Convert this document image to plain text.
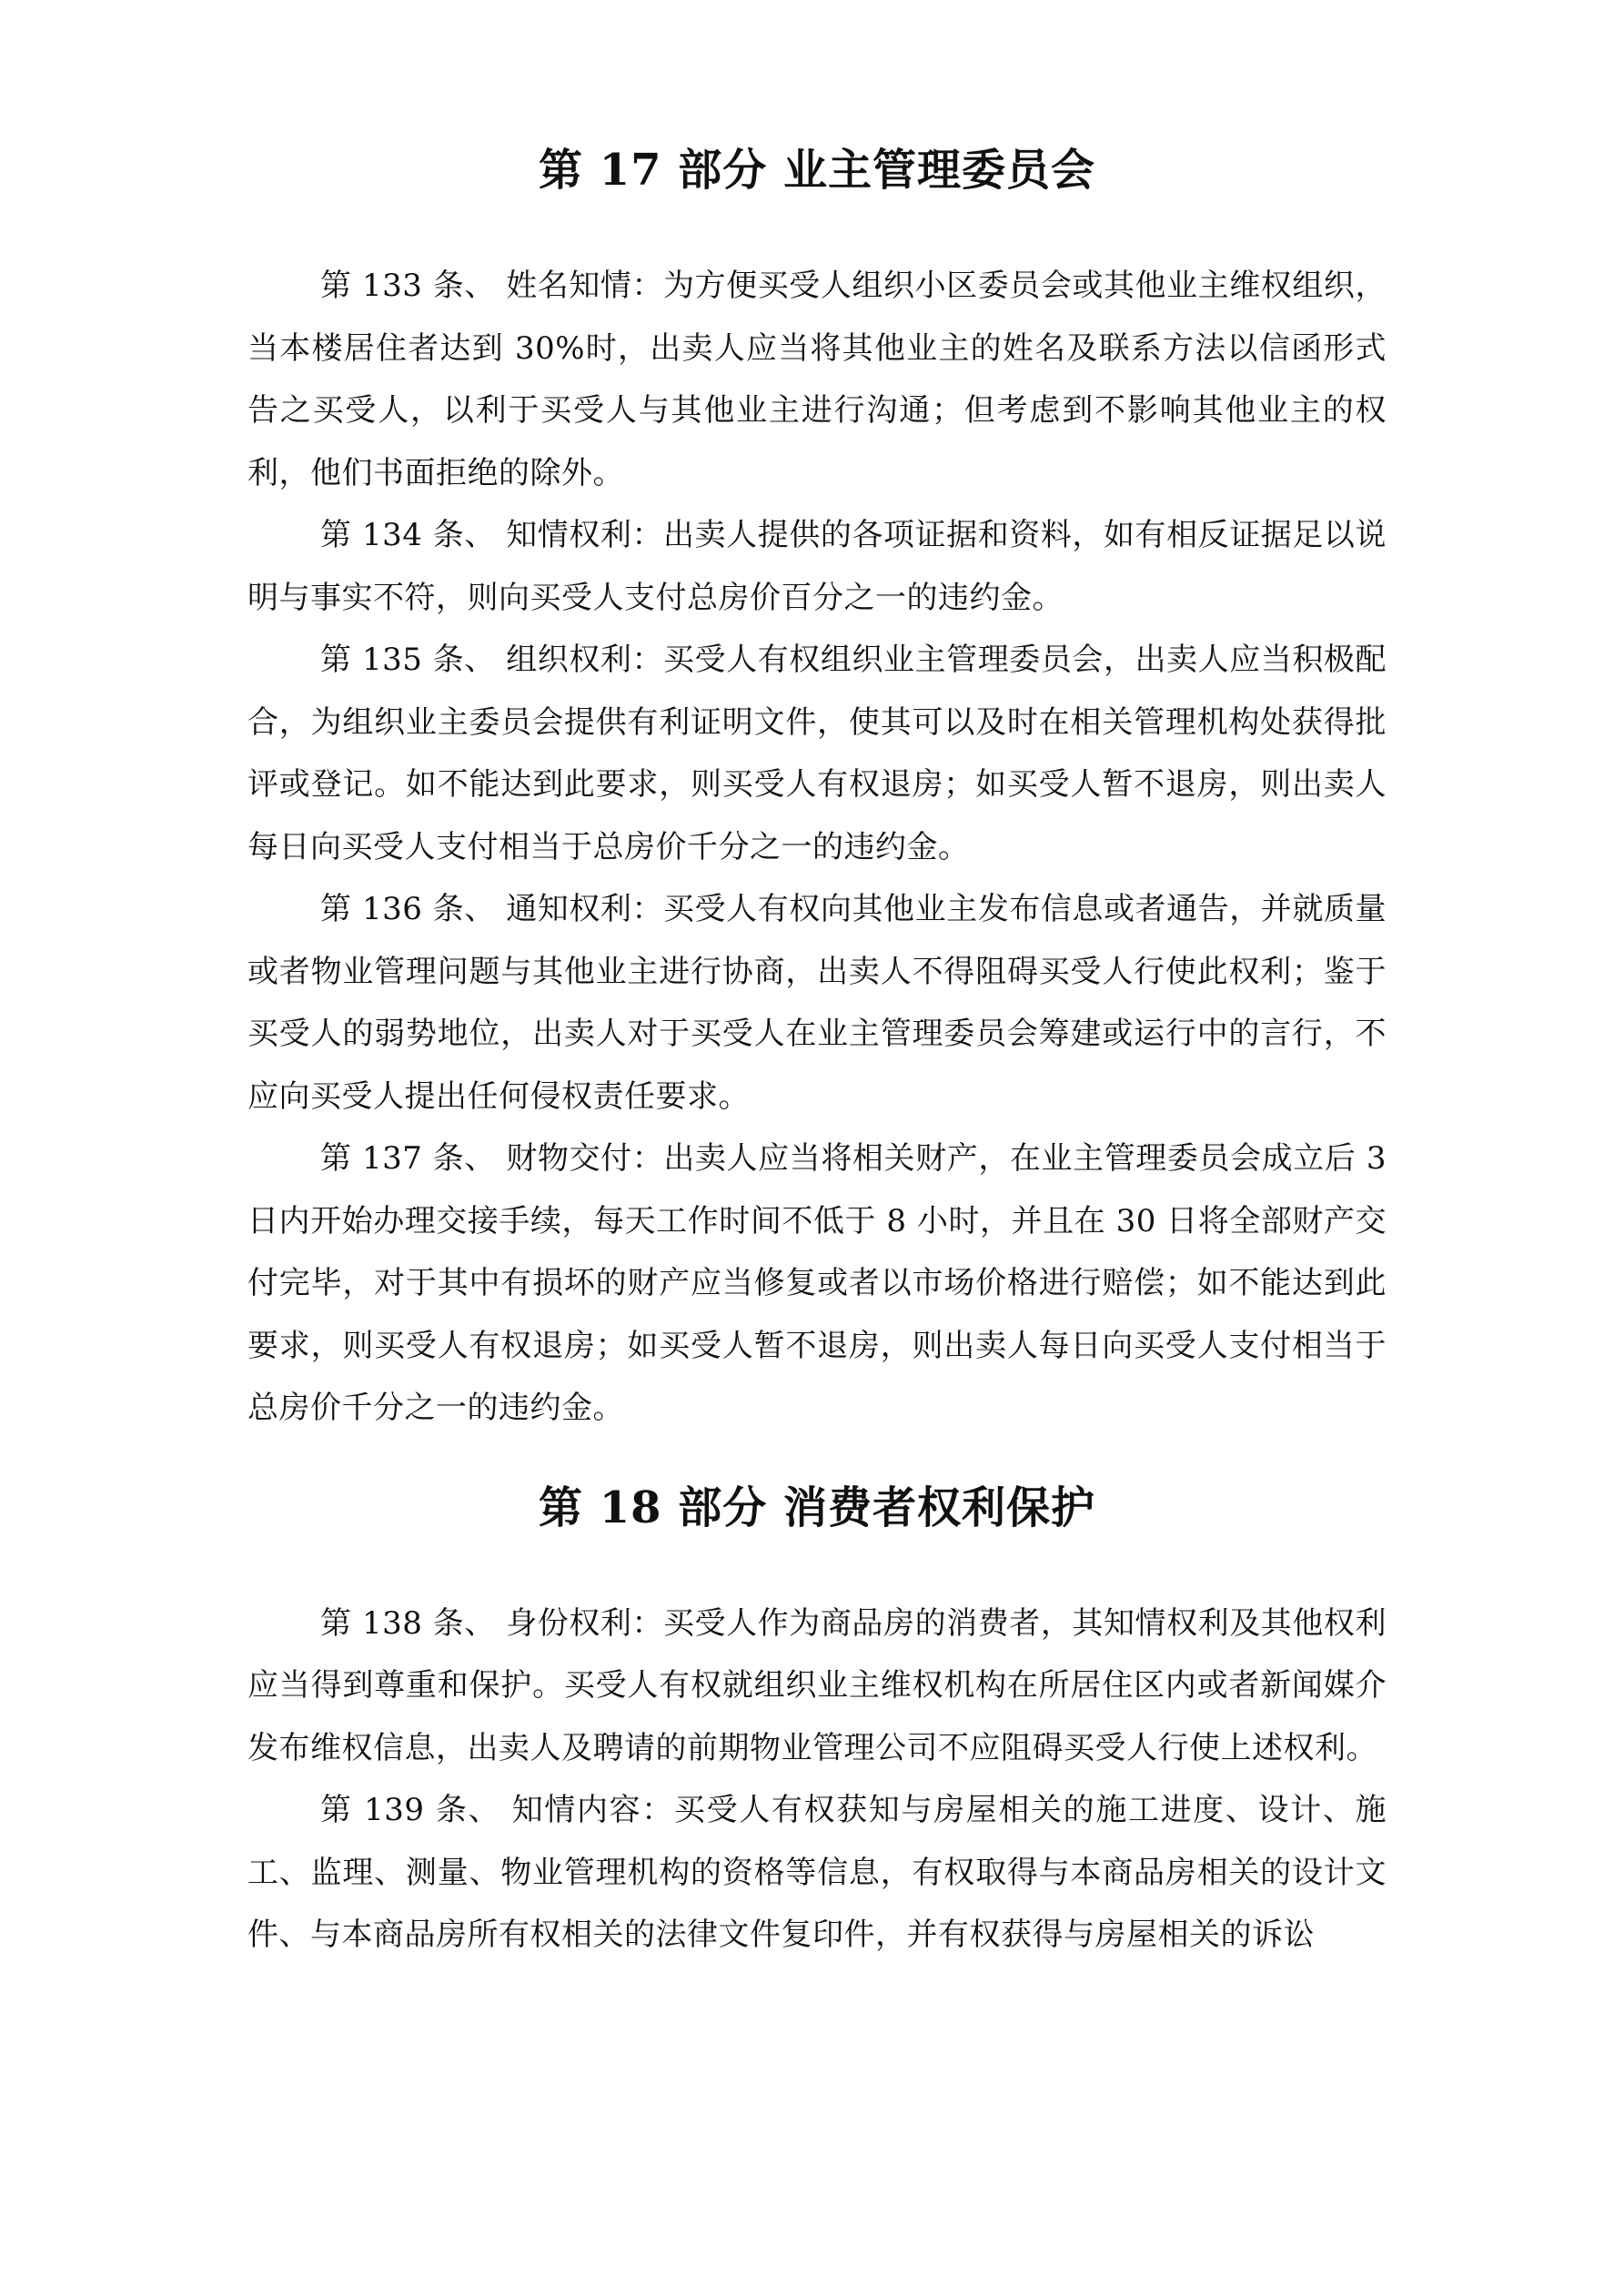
第 17 部分 业主管理委员会

第 133 条、 姓名知情：为方便买受人组织小区委员会或其他业主维权组织，当本楼居住者达到 30%时，出卖人应当将其他业主的姓名及联系方法以信函形式告之买受人，以利于买受人与其他业主进行沟通；但考虑到不影响其他业主的权利，他们书面拒绝的除外。

第 134 条、 知情权利：出卖人提供的各项证据和资料，如有相反证据足以说明与事实不符，则向买受人支付总房价百分之一的违约金。

第 135 条、 组织权利：买受人有权组织业主管理委员会，出卖人应当积极配合，为组织业主委员会提供有利证明文件，使其可以及时在相关管理机构处获得批评或登记。如不能达到此要求，则买受人有权退房；如买受人暂不退房，则出卖人每日向买受人支付相当于总房价千分之一的违约金。

第 136 条、 通知权利：买受人有权向其他业主发布信息或者通告，并就质量或者物业管理问题与其他业主进行协商，出卖人不得阻碍买受人行使此权利；鉴于买受人的弱势地位，出卖人对于买受人在业主管理委员会筹建或运行中的言行，不应向买受人提出任何侵权责任要求。

第 137 条、 财物交付：出卖人应当将相关财产，在业主管理委员会成立后 3 日内开始办理交接手续，每天工作时间不低于 8 小时，并且在 30 日将全部财产交付完毕，对于其中有损坏的财产应当修复或者以市场价格进行赔偿；如不能达到此要求，则买受人有权退房；如买受人暂不退房，则出卖人每日向买受人支付相当于总房价千分之一的违约金。

第 18 部分 消费者权利保护

第 138 条、 身份权利：买受人作为商品房的消费者，其知情权利及其他权利应当得到尊重和保护。买受人有权就组织业主维权机构在所居住区内或者新闻媒介发布维权信息，出卖人及聘请的前期物业管理公司不应阻碍买受人行使上述权利。

第 139 条、 知情内容：买受人有权获知与房屋相关的施工进度、设计、施工、监理、测量、物业管理机构的资格等信息，有权取得与本商品房相关的设计文件、与本商品房所有权相关的法律文件复印件，并有权获得与房屋相关的诉讼
